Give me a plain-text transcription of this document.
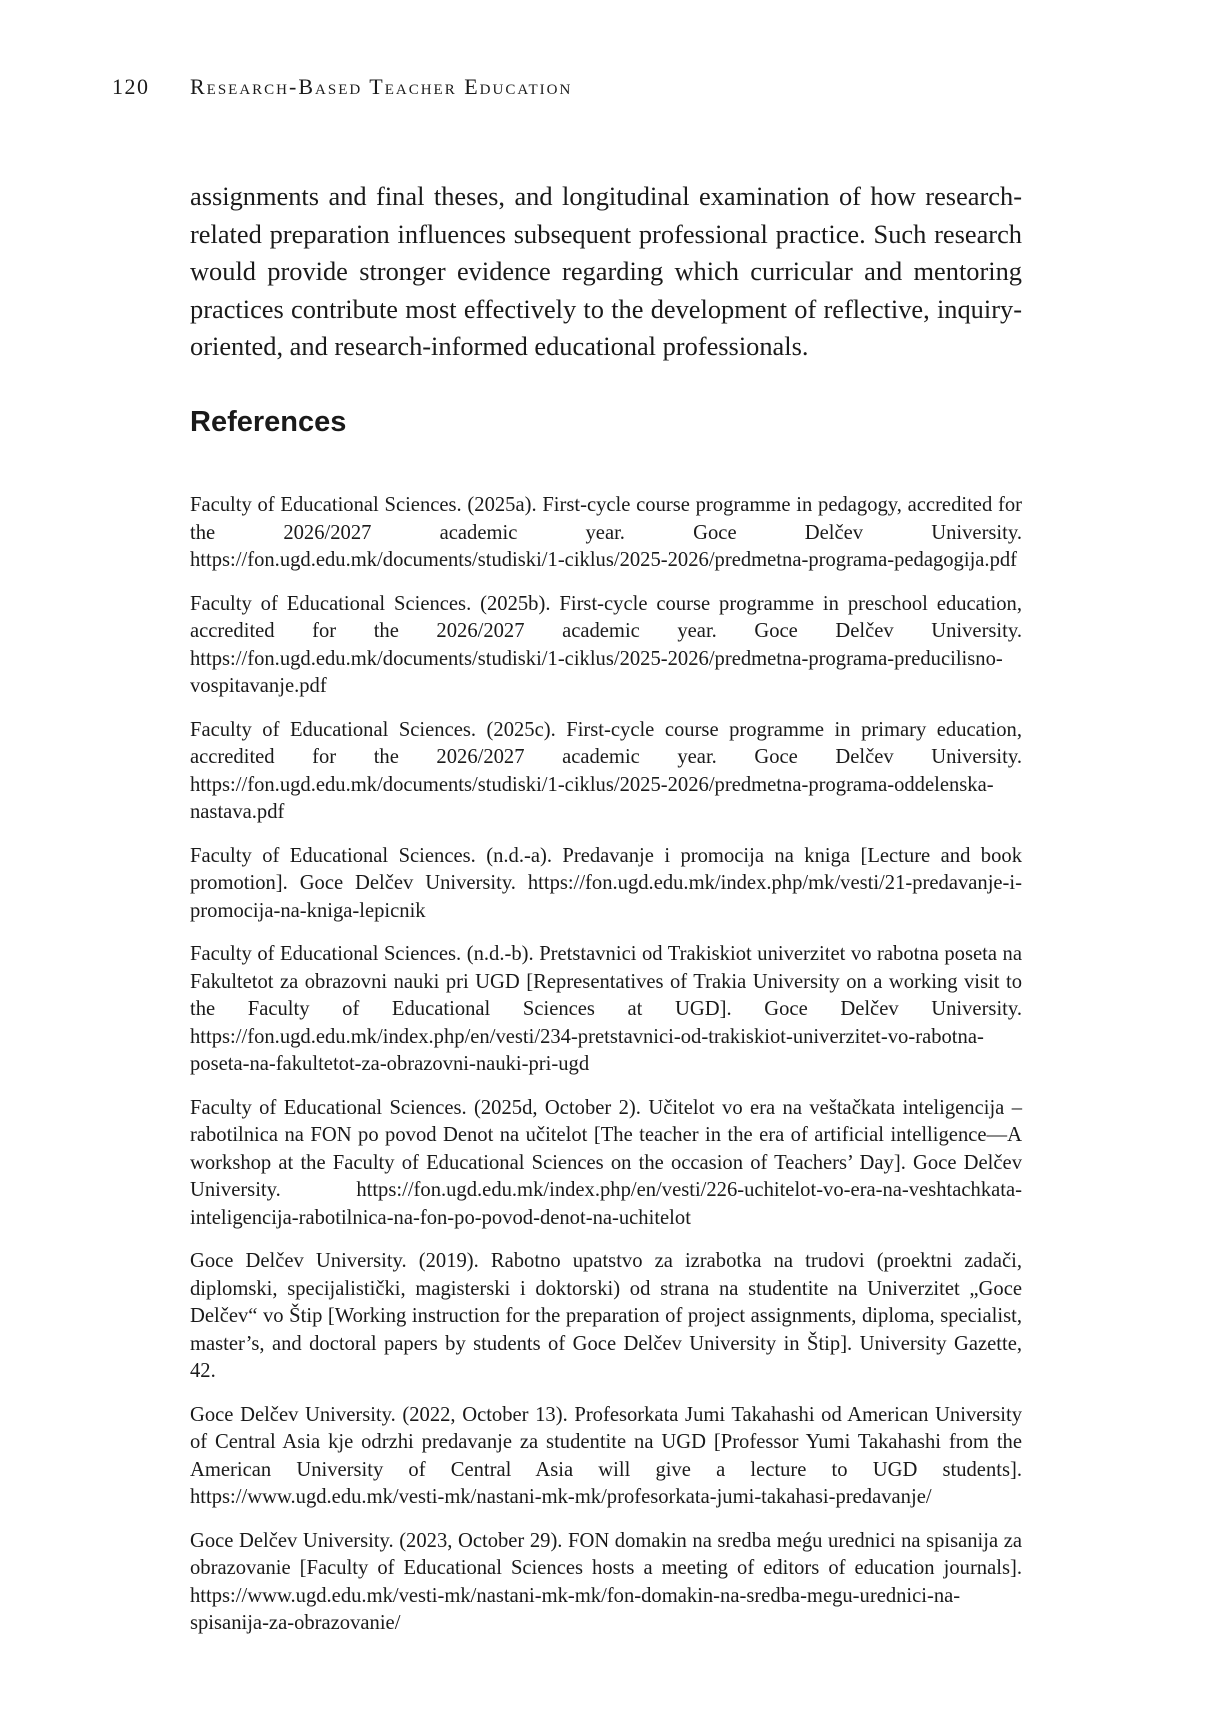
120 Research-Based Teacher Education

assignments and final theses, and longitudinal examination of how research-related preparation influences subsequent professional practice. Such research would provide stronger evidence regarding which curricular and mentoring practices contribute most effectively to the development of reflective, inquiry-oriented, and research-informed educational professionals.

References
Faculty of Educational Sciences. (2025a). First-cycle course programme in pedagogy, accredited for the 2026/2027 academic year. Goce Delčev University. https://fon.ugd.edu.mk/documents/studiski/1-ciklus/2025-2026/predmetna-programa-pedagogija.pdf
Faculty of Educational Sciences. (2025b). First-cycle course programme in preschool education, accredited for the 2026/2027 academic year. Goce Delčev University. https://fon.ugd.edu.mk/documents/studiski/1-ciklus/2025-2026/predmetna-programa-preducilisno-vospitavanje.pdf
Faculty of Educational Sciences. (2025c). First-cycle course programme in primary education, accredited for the 2026/2027 academic year. Goce Delčev University. https://fon.ugd.edu.mk/documents/studiski/1-ciklus/2025-2026/predmetna-programa-oddelenska-nastava.pdf
Faculty of Educational Sciences. (n.d.-a). Predavanje i promocija na kniga [Lecture and book promotion]. Goce Delčev University. https://fon.ugd.edu.mk/index.php/mk/vesti/21-predavanje-i-promocija-na-kniga-lepicnik
Faculty of Educational Sciences. (n.d.-b). Pretstavnici od Trakiskiot univerzitet vo rabotna poseta na Fakultetot za obrazovni nauki pri UGD [Representatives of Trakia University on a working visit to the Faculty of Educational Sciences at UGD]. Goce Delčev University. https://fon.ugd.edu.mk/index.php/en/vesti/234-pretstavnici-od-trakiskiot-univerzitet-vo-rabotna-poseta-na-fakultetot-za-obrazovni-nauki-pri-ugd
Faculty of Educational Sciences. (2025d, October 2). Učitelot vo era na veštačkata inteligencija – rabotilnica na FON po povod Denot na učitelot [The teacher in the era of artificial intelligence—A workshop at the Faculty of Educational Sciences on the occasion of Teachers’ Day]. Goce Delčev University. https://fon.ugd.edu.mk/index.php/en/vesti/226-uchitelot-vo-era-na-veshtachkata-inteligencija-rabotilnica-na-fon-po-povod-denot-na-uchitelot
Goce Delčev University. (2019). Rabotno upatstvo za izrabotka na trudovi (proektni zadači, diplomski, specijalistički, magisterski i doktorski) od strana na studentite na Univerzitet „Goce Delčev“ vo Štip [Working instruction for the preparation of project assignments, diploma, specialist, master’s, and doctoral papers by students of Goce Delčev University in Štip]. University Gazette, 42.
Goce Delčev University. (2022, October 13). Profesorkata Jumi Takahashi od American University of Central Asia kje odrzhi predavanje za studentite na UGD [Professor Yumi Takahashi from the American University of Central Asia will give a lecture to UGD students]. https://www.ugd.edu.mk/vesti-mk/nastani-mk-mk/profesorkata-jumi-takahasi-predavanje/
Goce Delčev University. (2023, October 29). FON domakin na sredba meǵu urednici na spisanija za obrazovanie [Faculty of Educational Sciences hosts a meeting of editors of education journals]. https://www.ugd.edu.mk/vesti-mk/nastani-mk-mk/fon-domakin-na-sredba-megu-urednici-na-spisanija-za-obrazovanie/
